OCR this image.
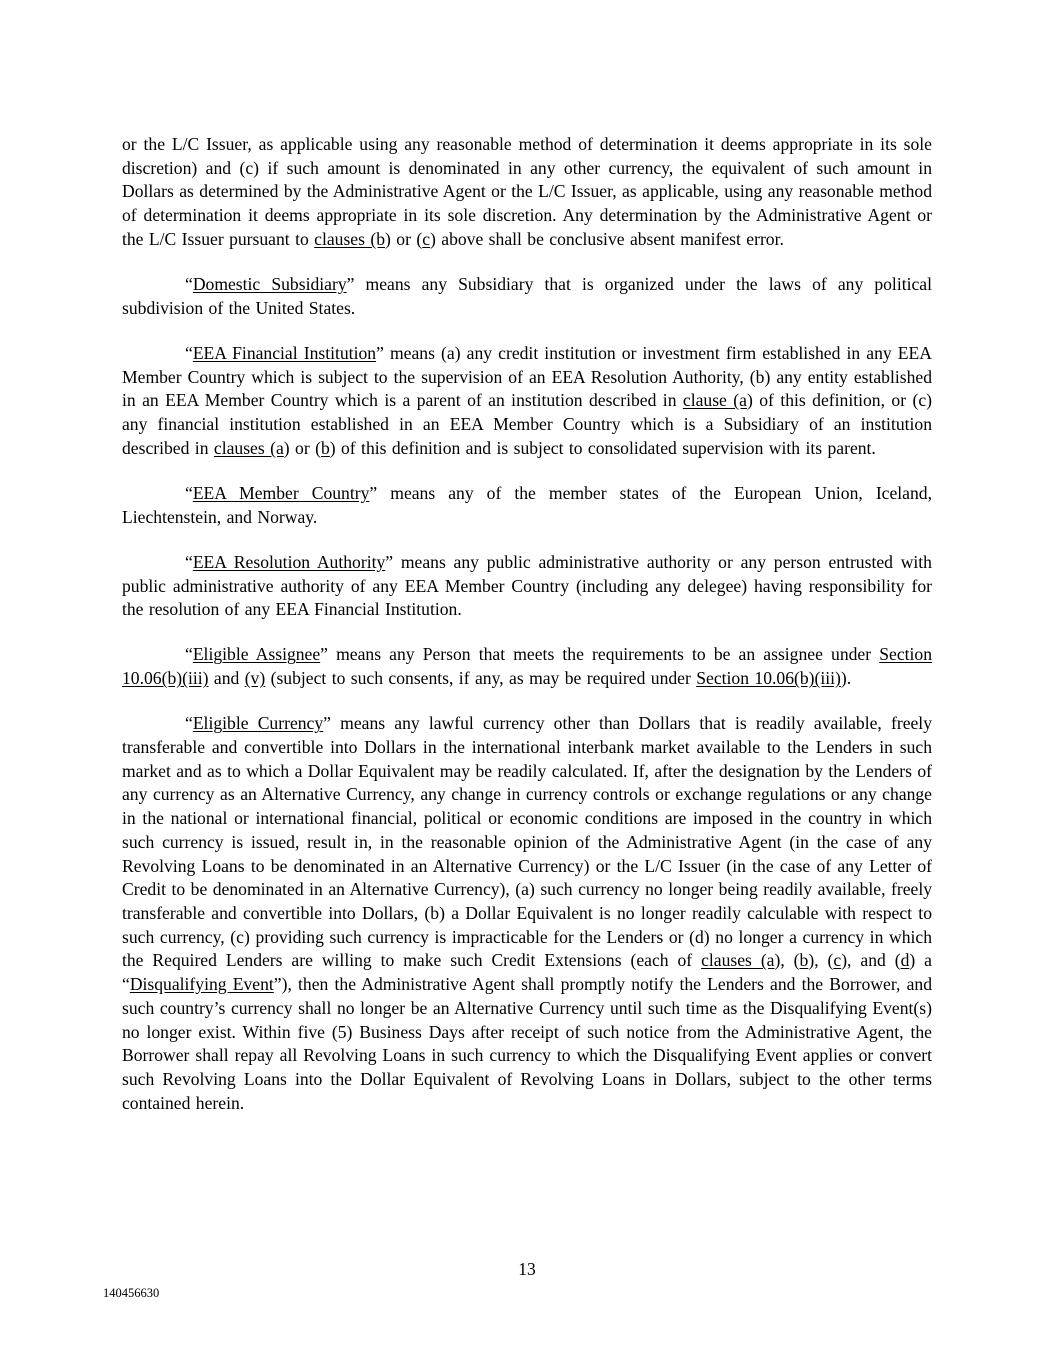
or the L/C Issuer, as applicable using any reasonable method of determination it deems appropriate in its sole discretion) and (c) if such amount is denominated in any other currency, the equivalent of such amount in Dollars as determined by the Administrative Agent or the L/C Issuer, as applicable, using any reasonable method of determination it deems appropriate in its sole discretion. Any determination by the Administrative Agent or the L/C Issuer pursuant to clauses (b) or (c) above shall be conclusive absent manifest error.

“Domestic Subsidiary” means any Subsidiary that is organized under the laws of any political subdivision of the United States.

“EEA Financial Institution” means (a) any credit institution or investment firm established in any EEA Member Country which is subject to the supervision of an EEA Resolution Authority, (b) any entity established in an EEA Member Country which is a parent of an institution described in clause (a) of this definition, or (c) any financial institution established in an EEA Member Country which is a Subsidiary of an institution described in clauses (a) or (b) of this definition and is subject to consolidated supervision with its parent.

“EEA Member Country” means any of the member states of the European Union, Iceland, Liechtenstein, and Norway.

“EEA Resolution Authority” means any public administrative authority or any person entrusted with public administrative authority of any EEA Member Country (including any delegee) having responsibility for the resolution of any EEA Financial Institution.

“Eligible Assignee” means any Person that meets the requirements to be an assignee under Section 10.06(b)(iii) and (v) (subject to such consents, if any, as may be required under Section 10.06(b)(iii)).

“Eligible Currency” means any lawful currency other than Dollars that is readily available, freely transferable and convertible into Dollars in the international interbank market available to the Lenders in such market and as to which a Dollar Equivalent may be readily calculated. If, after the designation by the Lenders of any currency as an Alternative Currency, any change in currency controls or exchange regulations or any change in the national or international financial, political or economic conditions are imposed in the country in which such currency is issued, result in, in the reasonable opinion of the Administrative Agent (in the case of any Revolving Loans to be denominated in an Alternative Currency) or the L/C Issuer (in the case of any Letter of Credit to be denominated in an Alternative Currency), (a) such currency no longer being readily available, freely transferable and convertible into Dollars, (b) a Dollar Equivalent is no longer readily calculable with respect to such currency, (c) providing such currency is impracticable for the Lenders or (d) no longer a currency in which the Required Lenders are willing to make such Credit Extensions (each of clauses (a), (b), (c), and (d) a “Disqualifying Event”), then the Administrative Agent shall promptly notify the Lenders and the Borrower, and such country’s currency shall no longer be an Alternative Currency until such time as the Disqualifying Event(s) no longer exist. Within five (5) Business Days after receipt of such notice from the Administrative Agent, the Borrower shall repay all Revolving Loans in such currency to which the Disqualifying Event applies or convert such Revolving Loans into the Dollar Equivalent of Revolving Loans in Dollars, subject to the other terms contained herein.

13
140456630
